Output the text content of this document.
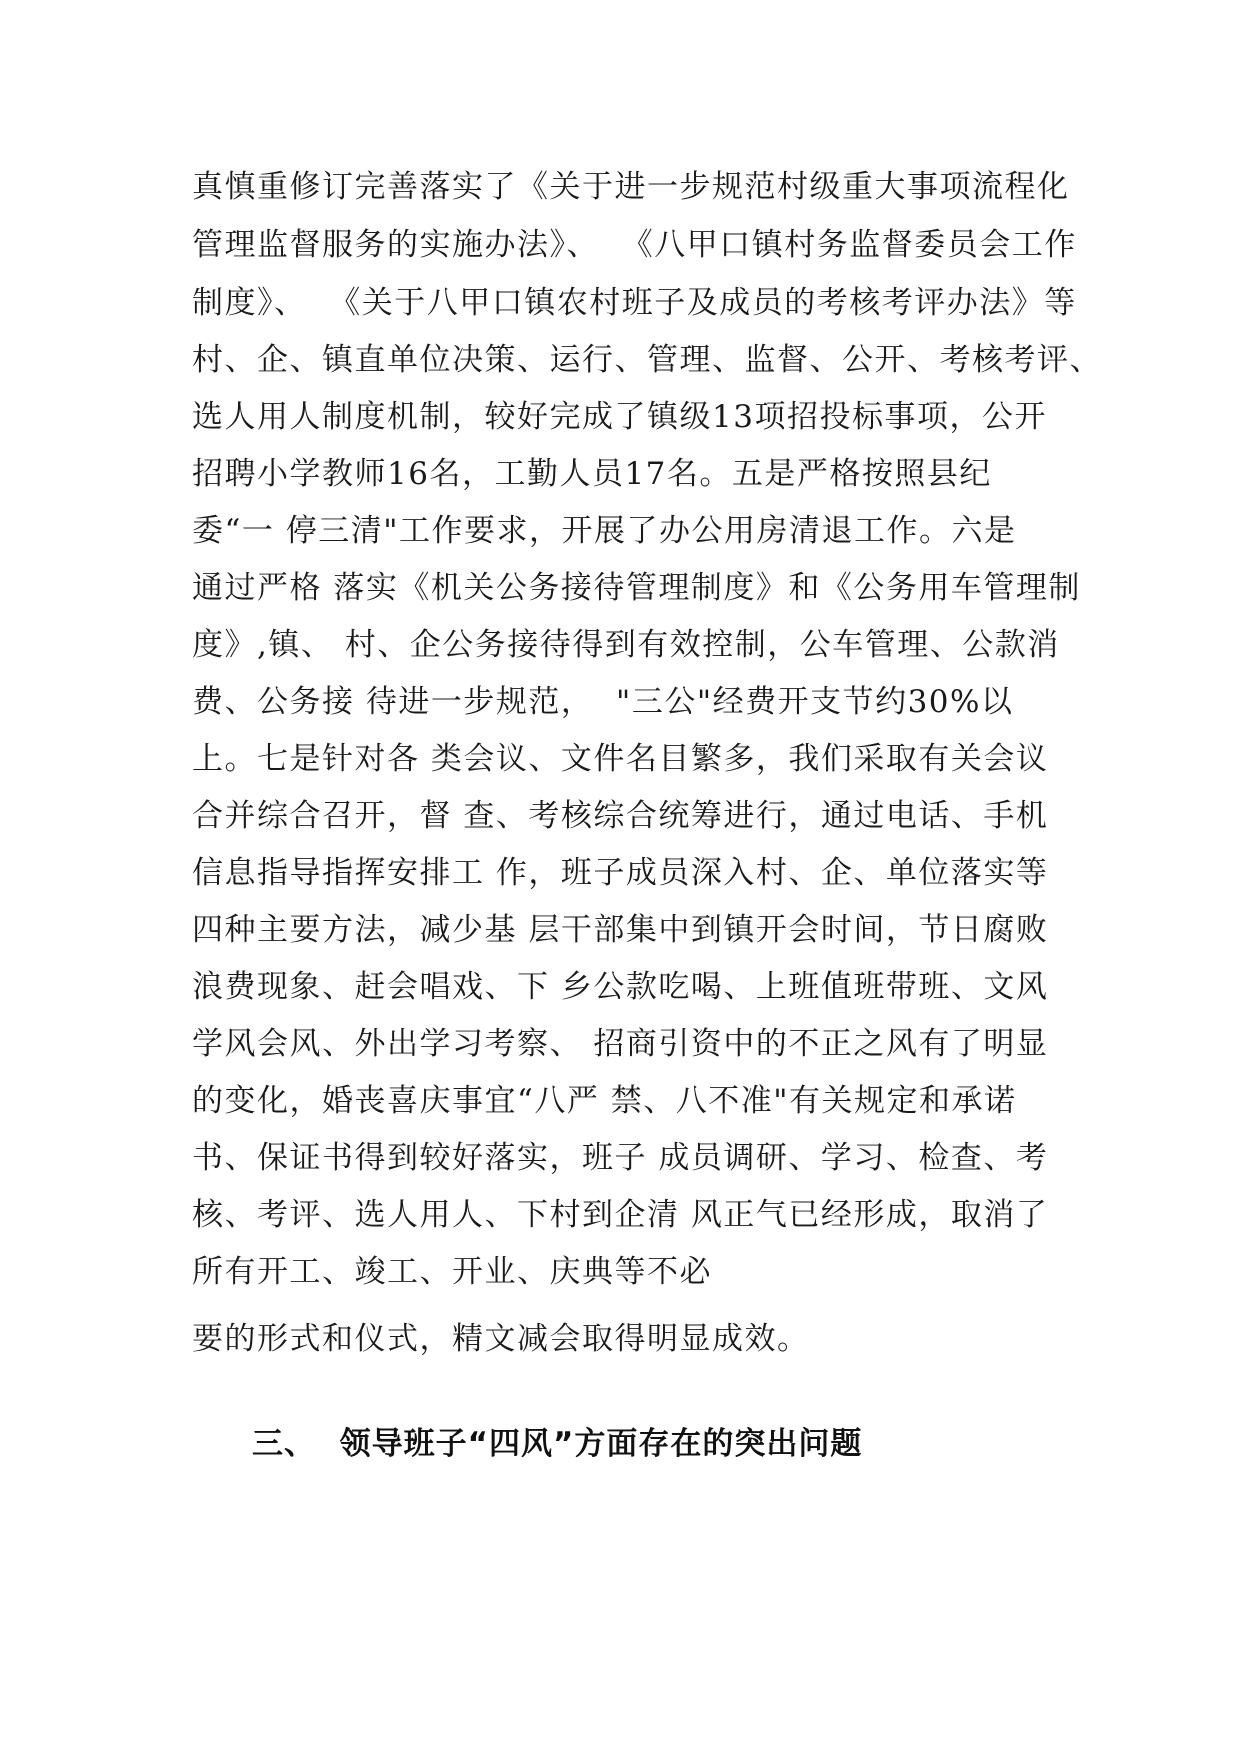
真慎重修订完善落实了《关于进一步规范村级重大事项流程化
管理监督服务的实施办法》、  《八甲口镇村务监督委员会工作
制度》、  《关于八甲口镇农村班子及成员的考核考评办法》等
村、企、镇直单位决策、运行、管理、监督、公开、考核考评、
选人用人制度机制，较好完成了镇级13项招投标事项，公开
招聘小学教师16名，工勤人员17名。五是严格按照县纪
委“一 停三清"工作要求，开展了办公用房清退工作。六是
通过严格 落实《机关公务接待管理制度》和《公务用车管理制
度》,镇、 村、企公务接待得到有效控制，公车管理、公款消
费、公务接 待进一步规范，  "三公"经费开支节约30%以
上。七是针对各 类会议、文件名目繁多，我们采取有关会议
合并综合召开，督 查、考核综合统筹进行，通过电话、手机
信息指导指挥安排工 作，班子成员深入村、企、单位落实等
四种主要方法，减少基 层干部集中到镇开会时间，节日腐败
浪费现象、赶会唱戏、下 乡公款吃喝、上班值班带班、文风
学风会风、外出学习考察、 招商引资中的不正之风有了明显
的变化，婚丧喜庆事宜“八严 禁、八不准"有关规定和承诺
书、保证书得到较好落实，班子 成员调研、学习、检查、考
核、考评、选人用人、下村到企清 风正气已经形成，取消了
所有开工、竣工、开业、庆典等不必
要的形式和仪式，精文减会取得明显成效。
三、  领导班子“四风”方面存在的突出问题
